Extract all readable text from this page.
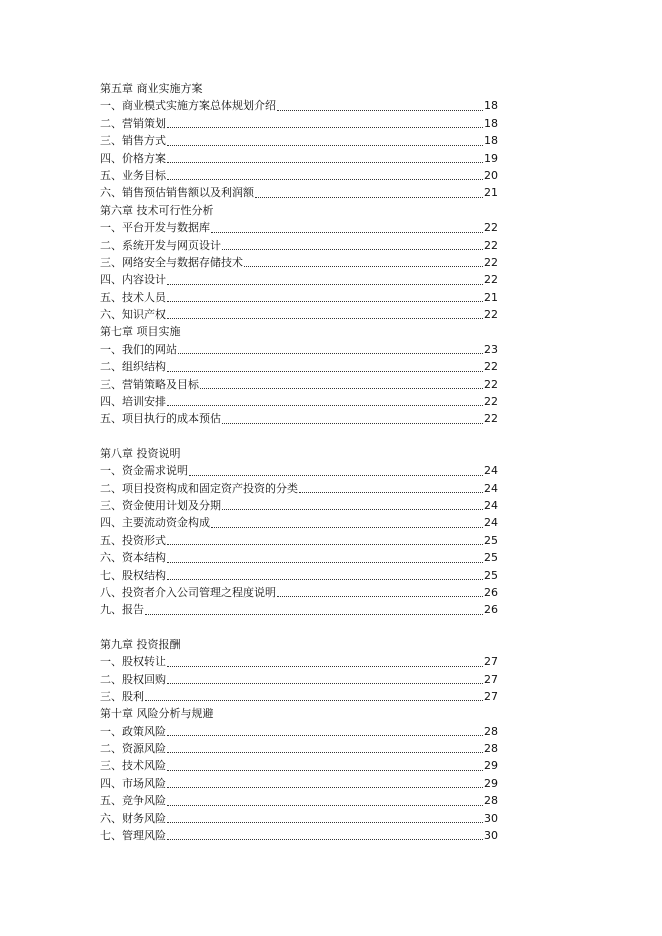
第五章 商业实施方案
一、商业模式实施方案总体规划介绍	18
二、营销策划	18
三、销售方式	18
四、价格方案	19
五、业务目标	20
六、销售预估销售额以及利润额	21
第六章 技术可行性分析
一、平台开发与数据库	22
二、系统开发与网页设计	22
三、网络安全与数据存储技术	22
四、内容设计	22
五、技术人员	21
六、知识产权	22
第七章 项目实施
一、我们的网站	23
二、组织结构	22
三、营销策略及目标	22
四、培训安排	22
五、项目执行的成本预估	22
第八章 投资说明
一、资金需求说明	24
二、项目投资构成和固定资产投资的分类	24
三、资金使用计划及分期	24
四、主要流动资金构成	24
五、投资形式	25
六、资本结构	25
七、股权结构	25
八、投资者介入公司管理之程度说明	26
九、报告	26
第九章 投资报酬
一、股权转让	27
二、股权回购	27
三、股利	27
第十章 风险分析与规避
一、政策风险	28
二、资源风险	28
三、技术风险	29
四、市场风险	29
五、竞争风险	28
六、财务风险	30
七、管理风险	30
